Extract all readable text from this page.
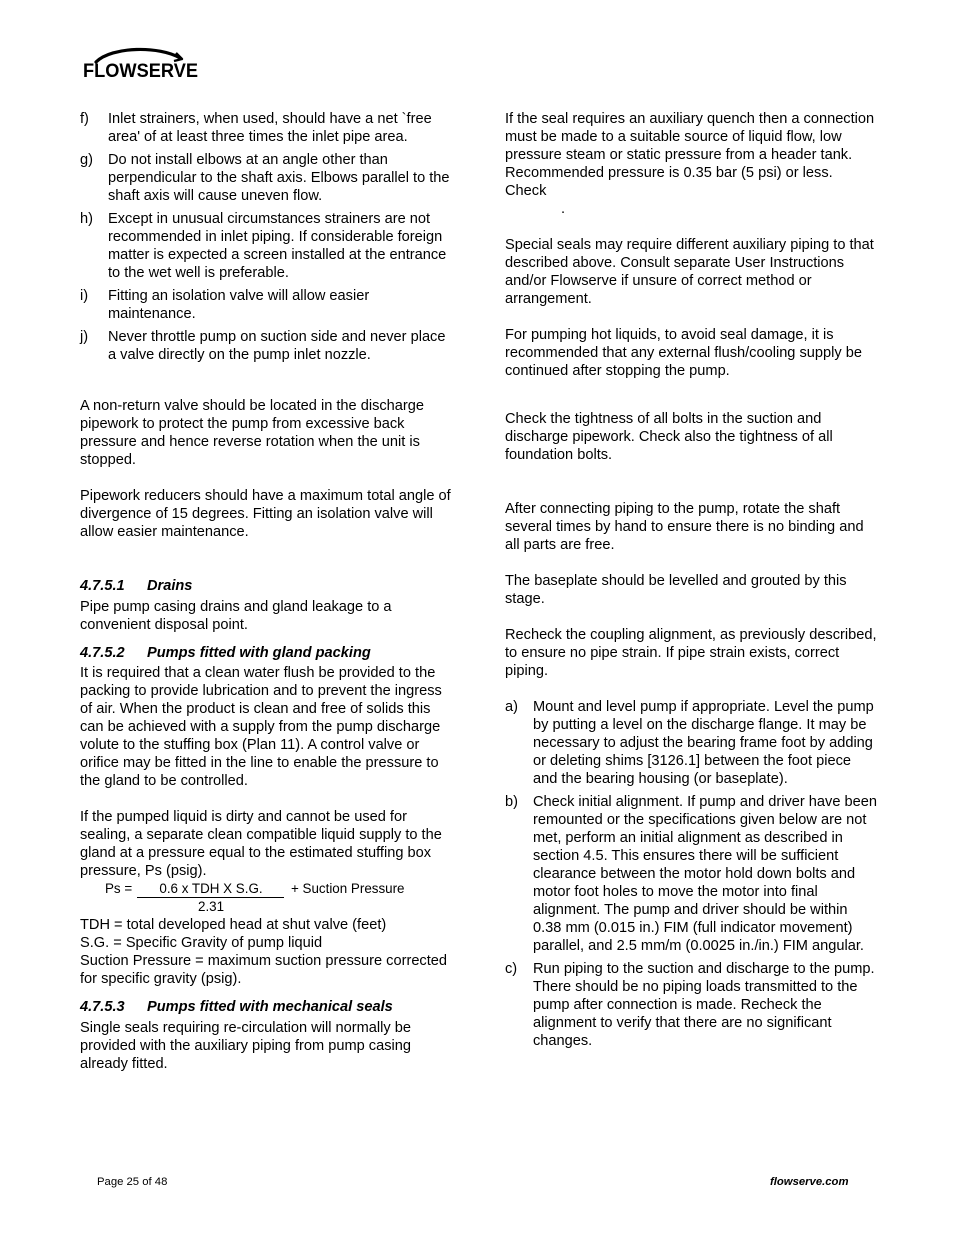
FLOWSERVE
f)	Inlet strainers, when used, should have a net `free area' of at least three times the inlet pipe area.
g)	Do not install elbows at an angle other than perpendicular to the shaft axis. Elbows parallel to the shaft axis will cause uneven flow.
h)	Except in unusual circumstances strainers are not recommended in inlet piping. If considerable foreign matter is expected a screen installed at the entrance to the wet well is preferable.
i)	Fitting an isolation valve will allow easier maintenance.
j)	Never throttle pump on suction side and never place a valve directly on the pump inlet nozzle.

A non-return valve should be located in the discharge pipework to protect the pump from excessive back pressure and hence reverse rotation when the unit is stopped.

Pipework reducers should have a maximum total angle of divergence of 15 degrees. Fitting an isolation valve will allow easier maintenance.

4.7.5.1 Drains

Pipe pump casing drains and gland leakage to a convenient disposal point.

4.7.5.2 Pumps fitted with gland packing

It is required that a clean water flush be provided to the packing to provide lubrication and to prevent the ingress of air. When the product is clean and free of solids this can be achieved with a supply from the pump discharge volute to the stuffing box (Plan 11). A control valve or orifice may be fitted in the line to enable the pressure to the gland to be controlled.

If the pumped liquid is dirty and cannot be used for sealing, a separate clean compatible liquid supply to the gland at a pressure equal to the estimated stuffing box pressure, Ps (psig).

Ps =	0.6 x TDH X S.G.	+ Suction Pressure
2.31

TDH = total developed head at shut valve (feet)

S.G. = Specific Gravity of pump liquid

Suction Pressure = maximum suction pressure corrected for specific gravity (psig).

4.7.5.3 Pumps fitted with mechanical seals

Single seals requiring re-circulation will normally be provided with the auxiliary piping from pump casing already fitted.

If the seal requires an auxiliary quench then a connection must be made to a suitable source of liquid flow, low pressure steam or static pressure from a header tank. Recommended pressure is 0.35 bar (5 psi) or less. Check

.

Special seals may require different auxiliary piping to that described above. Consult separate User Instructions and/or Flowserve if unsure of correct method or arrangement.

For pumping hot liquids, to avoid seal damage, it is recommended that any external flush/cooling supply be continued after stopping the pump.

Check the tightness of all bolts in the suction and discharge pipework. Check also the tightness of all foundation bolts.

After connecting piping to the pump, rotate the shaft several times by hand to ensure there is no binding and all parts are free.

The baseplate should be levelled and grouted by this stage.

Recheck the coupling alignment, as previously described, to ensure no pipe strain. If pipe strain exists, correct piping.

a)	Mount and level pump if appropriate. Level the pump by putting a level on the discharge flange. It may be necessary to adjust the bearing frame foot by adding or deleting shims [3126.1] between the foot piece and the bearing housing (or baseplate).
b)	Check initial alignment. If pump and driver have been remounted or the specifications given below are not met, perform an initial alignment as described in section 4.5. This ensures there will be sufficient clearance between the motor hold down bolts and motor foot holes to move the motor into final alignment. The pump and driver should be within 0.38 mm (0.015 in.) FIM (full indicator movement) parallel, and 2.5 mm/m (0.0025 in./in.) FIM angular.
c)	Run piping to the suction and discharge to the pump. There should be no piping loads transmitted to the pump after connection is made. Recheck the alignment to verify that there are no significant changes.
Page 25 of 48	flowserve.com
